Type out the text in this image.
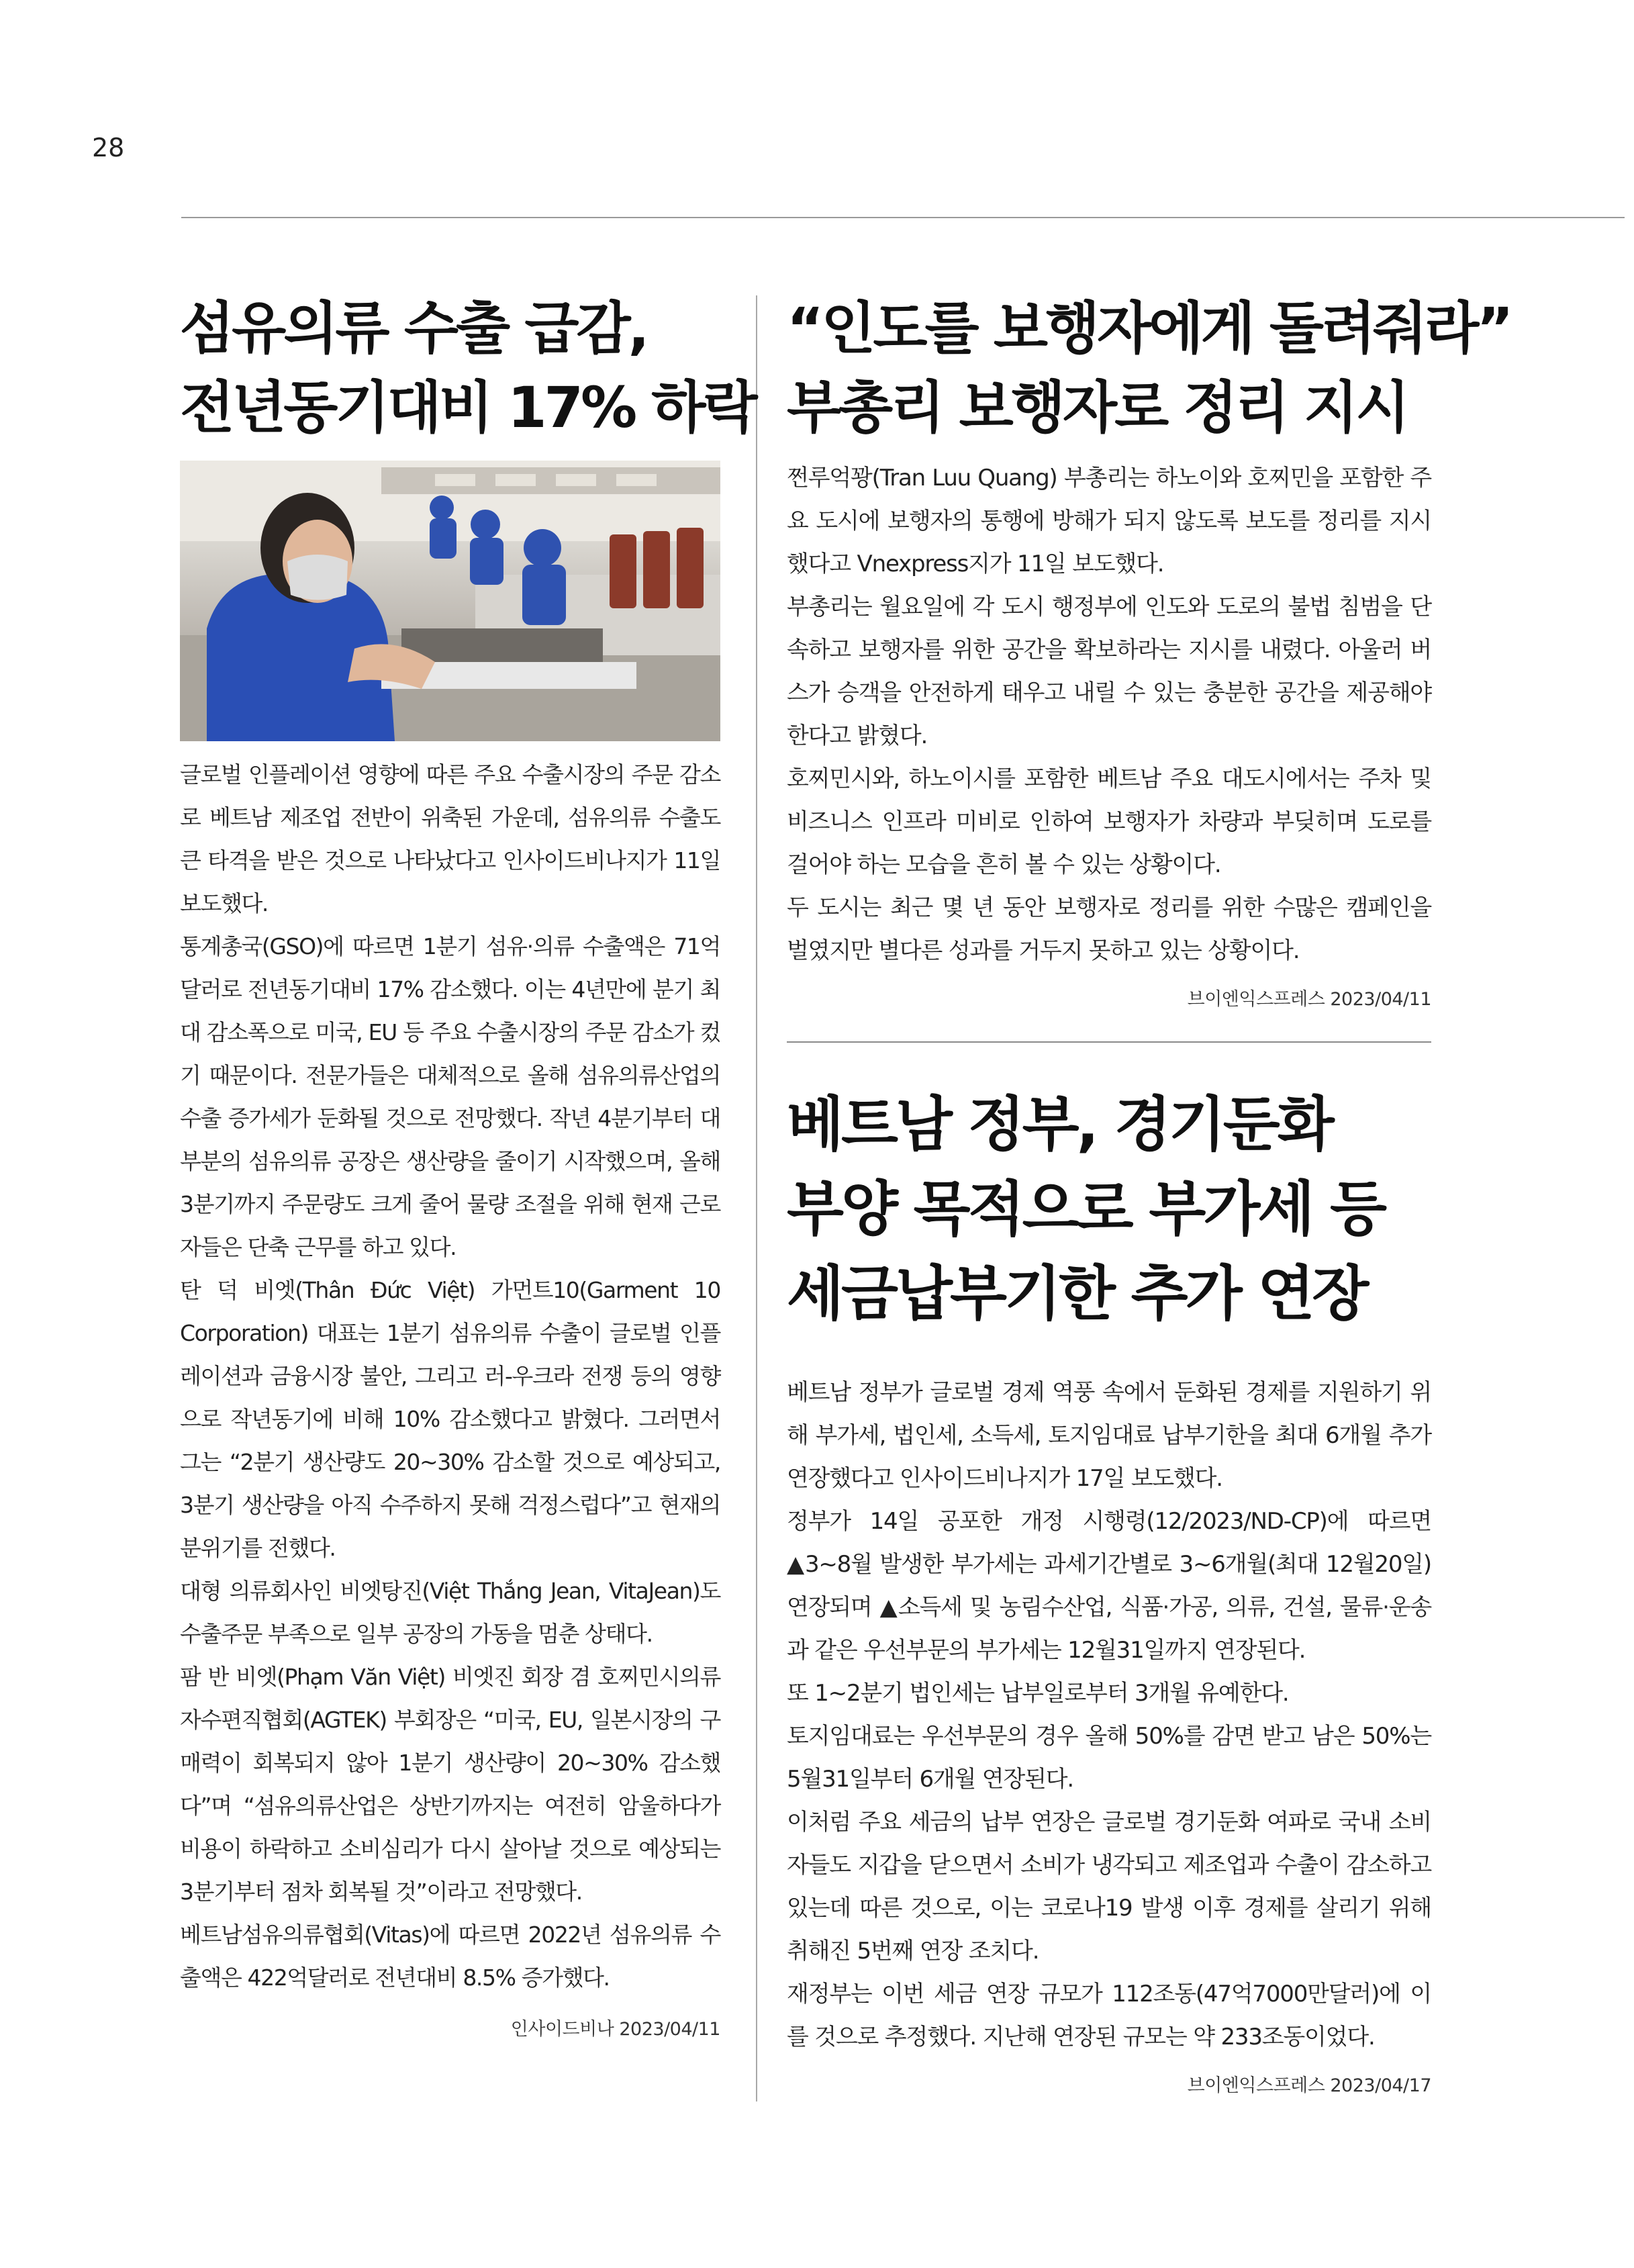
28
섬유의류 수출 급감,
전년동기대비 17% 하락

글로벌 인플레이션 영향에 따른 주요 수출시장의 주문 감소로 베트남 제조업 전반이 위축된 가운데, 섬유의류 수출도 큰 타격을 받은 것으로 나타났다고 인사이드비나지가 11일 보도했다.

통계총국(GSO)에 따르면 1분기 섬유·의류 수출액은 71억달러로 전년동기대비 17% 감소했다. 이는 4년만에 분기 최대 감소폭으로 미국, EU 등 주요 수출시장의 주문 감소가 컸기 때문이다. 전문가들은 대체적으로 올해 섬유의류산업의 수출 증가세가 둔화될 것으로 전망했다. 작년 4분기부터 대부분의 섬유의류 공장은 생산량을 줄이기 시작했으며, 올해 3분기까지 주문량도 크게 줄어 물량 조절을 위해 현재 근로자들은 단축 근무를 하고 있다.

탄 덕 비엣(Thân Đức Việt) 가먼트10(Garment 10 Corporation) 대표는 1분기 섬유의류 수출이 글로벌 인플레이션과 금융시장 불안, 그리고 러-우크라 전쟁 등의 영향으로 작년동기에 비해 10% 감소했다고 밝혔다. 그러면서 그는 “2분기 생산량도 20~30% 감소할 것으로 예상되고, 3분기 생산량을 아직 수주하지 못해 걱정스럽다”고 현재의 분위기를 전했다.

대형 의류회사인 비엣탕진(Việt Thắng Jean, VitaJean)도 수출주문 부족으로 일부 공장의 가동을 멈춘 상태다.

팜 반 비엣(Phạm Văn Việt) 비엣진 회장 겸 호찌민시의류자수편직협회(AGTEK) 부회장은 “미국, EU, 일본시장의 구매력이 회복되지 않아 1분기 생산량이 20~30% 감소했다”며 “섬유의류산업은 상반기까지는 여전히 암울하다가 비용이 하락하고 소비심리가 다시 살아날 것으로 예상되는 3분기부터 점차 회복될 것”이라고 전망했다.

베트남섬유의류협회(Vitas)에 따르면 2022년 섬유의류 수출액은 422억달러로 전년대비 8.5% 증가했다.

인사이드비나 2023/04/11
“인도를 보행자에게 돌려줘라”
부총리 보행자로 정리 지시

쩐루억꽝(Tran Luu Quang) 부총리는 하노이와 호찌민을 포함한 주요 도시에 보행자의 통행에 방해가 되지 않도록 보도를 정리를 지시했다고 Vnexpress지가 11일 보도했다.

부총리는 월요일에 각 도시 행정부에 인도와 도로의 불법 침범을 단속하고 보행자를 위한 공간을 확보하라는 지시를 내렸다. 아울러 버스가 승객을 안전하게 태우고 내릴 수 있는 충분한 공간을 제공해야 한다고 밝혔다.

호찌민시와, 하노이시를 포함한 베트남 주요 대도시에서는 주차 및 비즈니스 인프라 미비로 인하여 보행자가 차량과 부딪히며 도로를 걸어야 하는 모습을 흔히 볼 수 있는 상황이다.

두 도시는 최근 몇 년 동안 보행자로 정리를 위한 수많은 캠페인을 벌였지만 별다른 성과를 거두지 못하고 있는 상황이다.

브이엔익스프레스 2023/04/11
베트남 정부, 경기둔화
부양 목적으로 부가세 등
세금납부기한 추가 연장

베트남 정부가 글로벌 경제 역풍 속에서 둔화된 경제를 지원하기 위해 부가세, 법인세, 소득세, 토지임대료 납부기한을 최대 6개월 추가 연장했다고 인사이드비나지가 17일 보도했다.

정부가 14일 공포한 개정 시행령(12/2023/ND-CP)에 따르면 ▲3~8월 발생한 부가세는 과세기간별로 3~6개월(최대 12월20일) 연장되며 ▲소득세 및 농림수산업, 식품·가공, 의류, 건설, 물류·운송과 같은 우선부문의 부가세는 12월31일까지 연장된다.

또 1~2분기 법인세는 납부일로부터 3개월 유예한다.

토지임대료는 우선부문의 경우 올해 50%를 감면 받고 남은 50%는 5월31일부터 6개월 연장된다.

이처럼 주요 세금의 납부 연장은 글로벌 경기둔화 여파로 국내 소비자들도 지갑을 닫으면서 소비가 냉각되고 제조업과 수출이 감소하고 있는데 따른 것으로, 이는 코로나19 발생 이후 경제를 살리기 위해 취해진 5번째 연장 조치다.

재정부는 이번 세금 연장 규모가 112조동(47억7000만달러)에 이를 것으로 추정했다. 지난해 연장된 규모는 약 233조동이었다.

브이엔익스프레스 2023/04/17
